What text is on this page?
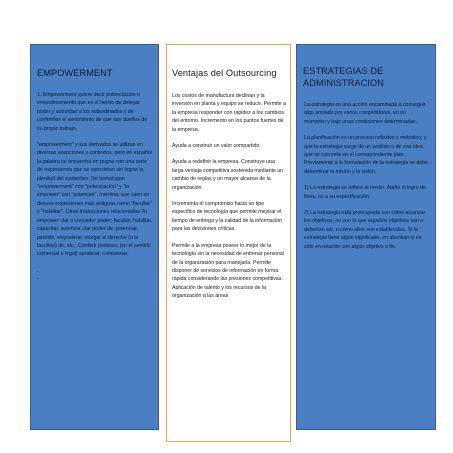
EMPOWERMENT

1. Empowerment quiere decir potenciación o empoderamiento que es el hecho de delegar poder y autoridad a los subordinados y de conferirles el sentimiento de que son dueños de su propio trabajo.

"empowerment" y sus derivados se utilizan en diversas acepciones y contextos, pero en español la palabra se encuentra en pugna con una serie de expresiones que se aproximan sin lograr la plenitud del sustantivo. Se homologan "empowerment" con "potenciación" y "to empower" con "potenciar", mientras que caen en desuso expresiones más antiguas como "facultar" y "habilitar". Otras traducciones relacionadas:To empower: dar o conceder poder; facultar, habilitar, capacitar, autorizar, dar poder de, potenciar, permitir, empoderar, otorgar el derecho (o la facultad) de, etc.; Conferir poderes; (en el sentido comercial o legal) apoderar, comisionar.

.

-

Ventajas del Outsourcing

Los costos de manufactura declinan y la inversión en planta y equipo se reduce. Permite a la empresa responder con rapidez a los cambios del entorno. Incremento en los puntos fuertes de la empresa.

Ayuda a construir un valor compartido.

Ayuda a redefinir la empresa. Construye una larga ventaja competitiva sostenida mediante un cambio de reglas y un mayor alcance de la organización

Incrementa el compromiso hacia un tipo específico de tecnología que permite mejorar el tiempo de entrega y la calidad de la información para las decisiones críticas.

Permite a la empresa poseer lo mejor de la tecnología sin la necesidad de entrenar personal de la organización para manejarla. Permite disponer de servicios de información en forma rápida considerando las presiones competitivas. Aplicación de talento y los recursos de la organización a las áreas

ESTRATEGIAS DE ADMINISTRACION

La estrategia es una acción encaminada a conseguir algo ansiado por varios competidores, en un momento y bajo unas condiciones determinadas.

La planificación es un proceso reflexivo y metódico, y que la estrategia surge de un análisis o de una idea que se concreta en el correspondiente plan. Previamente a la formulación de la estrategia se debe determinar la misión y la visión.

1) La estrategia se refiere al medio. Atañe al logro de fines, no a su especificación.

2) La estrategia está preocupada con cómo alcanzar los objetivos, no con lo que aquellos objetivos son o deberían ser, o cómo ellos son establecidos. Si la estrategia tiene algún significado, en absoluto lo es sólo en relación con algún objetivo o fin.
